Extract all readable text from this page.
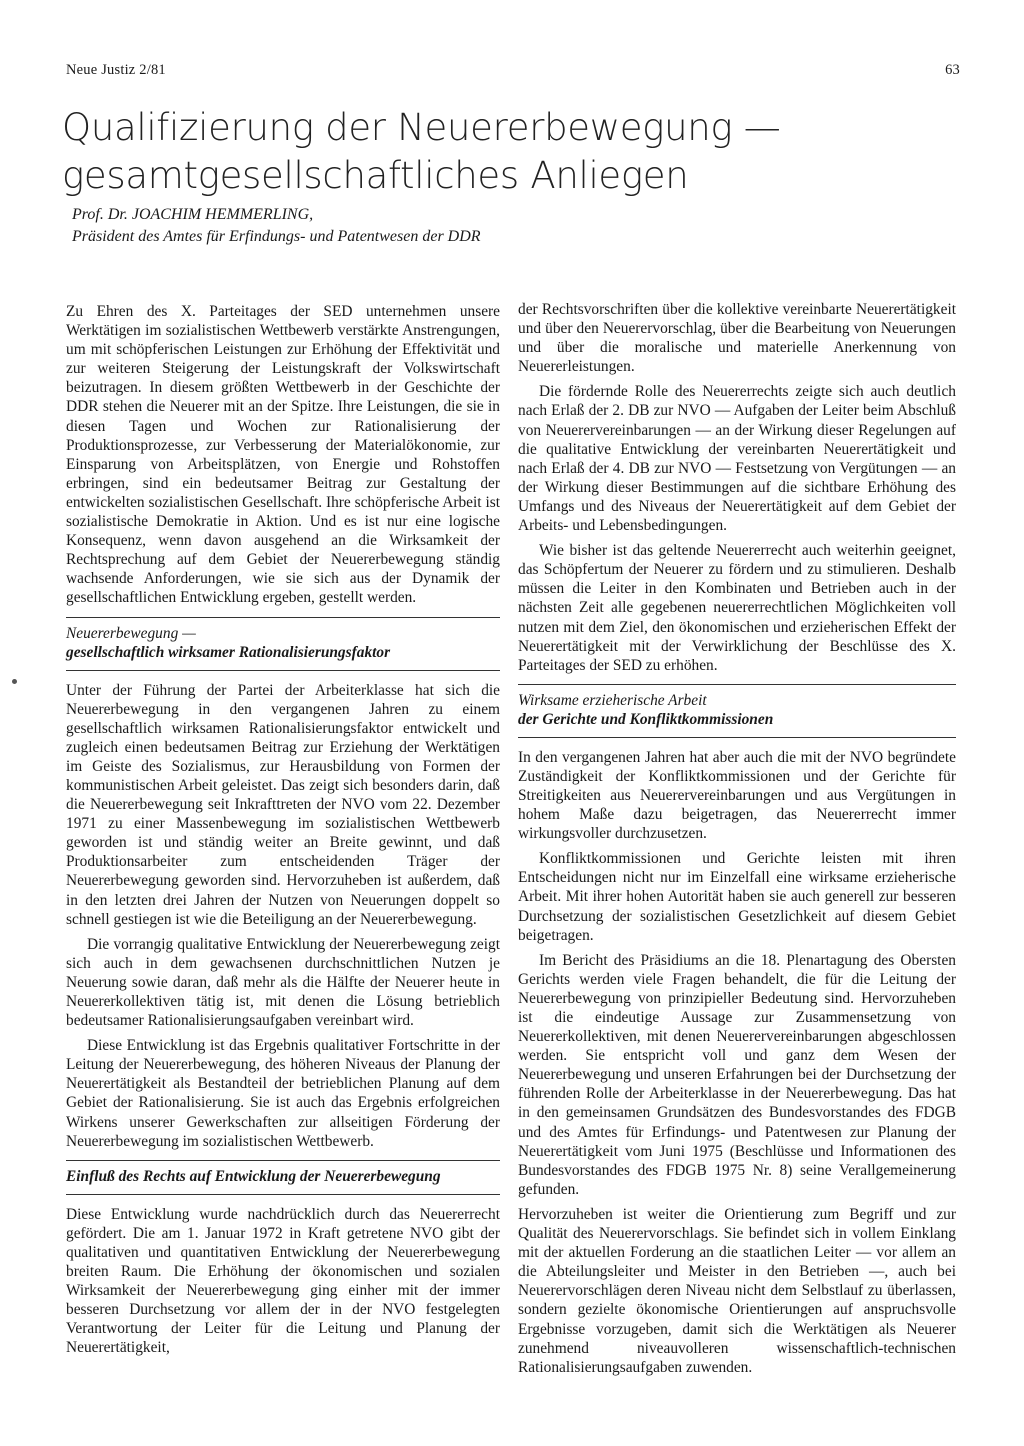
Neue Justiz 2/81	63
Qualifizierung der Neuererbewegung —
gesamtgesellschaftliches Anliegen
Prof. Dr. JOACHIM HEMMERLING,
Präsident des Amtes für Erfindungs- und Patentwesen der DDR

Zu Ehren des X. Parteitages der SED unternehmen unsere Werktätigen im sozialistischen Wettbewerb verstärkte Anstrengungen, um mit schöpferischen Leistungen zur Erhöhung der Effektivität und zur weiteren Steigerung der Leistungskraft der Volkswirtschaft beizutragen. In diesem größten Wettbewerb in der Geschichte der DDR stehen die Neuerer mit an der Spitze. Ihre Leistungen, die sie in diesen Tagen und Wochen zur Rationalisierung der Produktionsprozesse, zur Verbesserung der Materialökonomie, zur Einsparung von Arbeitsplätzen, von Energie und Rohstoffen erbringen, sind ein bedeutsamer Beitrag zur Gestaltung der entwickelten sozialistischen Gesellschaft. Ihre schöpferische Arbeit ist sozialistische Demokratie in Aktion. Und es ist nur eine logische Konsequenz, wenn davon ausgehend an die Wirksamkeit der Rechtsprechung auf dem Gebiet der Neuererbewegung ständig wachsende Anforderungen, wie sie sich aus der Dynamik der gesellschaftlichen Entwicklung ergeben, gestellt werden.

Neuererbewegung —
gesellschaftlich wirksamer Rationalisierungsfaktor

Unter der Führung der Partei der Arbeiterklasse hat sich die Neuererbewegung in den vergangenen Jahren zu einem gesellschaftlich wirksamen Rationalisierungsfaktor entwickelt und zugleich einen bedeutsamen Beitrag zur Erziehung der Werktätigen im Geiste des Sozialismus, zur Herausbildung von Formen der kommunistischen Arbeit geleistet. Das zeigt sich besonders darin, daß die Neuererbewegung seit Inkrafttreten der NVO vom 22. Dezember 1971 zu einer Massenbewegung im sozialistischen Wettbewerb geworden ist und ständig weiter an Breite gewinnt, und daß Produktionsarbeiter zum entscheidenden Träger der Neuererbewegung geworden sind. Hervorzuheben ist außerdem, daß in den letzten drei Jahren der Nutzen von Neuerungen doppelt so schnell gestiegen ist wie die Beteiligung an der Neuererbewegung.

Die vorrangig qualitative Entwicklung der Neuererbewegung zeigt sich auch in dem gewachsenen durchschnittlichen Nutzen je Neuerung sowie daran, daß mehr als die Hälfte der Neuerer heute in Neuererkollektiven tätig ist, mit denen die Lösung betrieblich bedeutsamer Rationalisierungsaufgaben vereinbart wird.

Diese Entwicklung ist das Ergebnis qualitativer Fortschritte in der Leitung der Neuererbewegung, des höheren Niveaus der Planung der Neuerertätigkeit als Bestandteil der betrieblichen Planung auf dem Gebiet der Rationalisierung. Sie ist auch das Ergebnis erfolgreichen Wirkens unserer Gewerkschaften zur allseitigen Förderung der Neuererbewegung im sozialistischen Wettbewerb.

Einfluß des Rechts auf Entwicklung der Neuererbewegung

Diese Entwicklung wurde nachdrücklich durch das Neuererrecht gefördert. Die am 1. Januar 1972 in Kraft getretene NVO gibt der qualitativen und quantitativen Entwicklung der Neuererbewegung breiten Raum. Die Erhöhung der ökonomischen und sozialen Wirksamkeit der Neuererbewegung ging einher mit der immer besseren Durchsetzung vor allem der in der NVO festgelegten Verantwortung der Leiter für die Leitung und Planung der Neuerertätigkeit,

der Rechtsvorschriften über die kollektive vereinbarte Neuerertätigkeit und über den Neuerervorschlag, über die Bearbeitung von Neuerungen und über die moralische und materielle Anerkennung von Neuererleistungen.

Die fördernde Rolle des Neuererrechts zeigte sich auch deutlich nach Erlaß der 2. DB zur NVO — Aufgaben der Leiter beim Abschluß von Neuerervereinbarungen — an der Wirkung dieser Regelungen auf die qualitative Entwicklung der vereinbarten Neuerertätigkeit und nach Erlaß der 4. DB zur NVO — Festsetzung von Vergütungen — an der Wirkung dieser Bestimmungen auf die sichtbare Erhöhung des Umfangs und des Niveaus der Neuerertätigkeit auf dem Gebiet der Arbeits- und Lebensbedingungen.

Wie bisher ist das geltende Neuererrecht auch weiterhin geeignet, das Schöpfertum der Neuerer zu fördern und zu stimulieren. Deshalb müssen die Leiter in den Kombinaten und Betrieben auch in der nächsten Zeit alle gegebenen neuererrechtlichen Möglichkeiten voll nutzen mit dem Ziel, den ökonomischen und erzieherischen Effekt der Neuerertätigkeit mit der Verwirklichung der Beschlüsse des X. Parteitages der SED zu erhöhen.

Wirksame erzieherische Arbeit
der Gerichte und Konfliktkommissionen

In den vergangenen Jahren hat aber auch die mit der NVO begründete Zuständigkeit der Konfliktkommissionen und der Gerichte für Streitigkeiten aus Neuerervereinbarungen und aus Vergütungen in hohem Maße dazu beigetragen, das Neuererrecht immer wirkungsvoller durchzusetzen.

Konfliktkommissionen und Gerichte leisten mit ihren Entscheidungen nicht nur im Einzelfall eine wirksame erzieherische Arbeit. Mit ihrer hohen Autorität haben sie auch generell zur besseren Durchsetzung der sozialistischen Gesetzlichkeit auf diesem Gebiet beigetragen.

Im Bericht des Präsidiums an die 18. Plenartagung des Obersten Gerichts werden viele Fragen behandelt, die für die Leitung der Neuererbewegung von prinzipieller Bedeutung sind. Hervorzuheben ist die eindeutige Aussage zur Zusammensetzung von Neuererkollektiven, mit denen Neuerervereinbarungen abgeschlossen werden. Sie entspricht voll und ganz dem Wesen der Neuererbewegung und unseren Erfahrungen bei der Durchsetzung der führenden Rolle der Arbeiterklasse in der Neuererbewegung. Das hat in den gemeinsamen Grundsätzen des Bundesvorstandes des FDGB und des Amtes für Erfindungs- und Patentwesen zur Planung der Neuerertätigkeit vom Juni 1975 (Beschlüsse und Informationen des Bundesvorstandes des FDGB 1975 Nr. 8) seine Verallgemeinerung gefunden.

Hervorzuheben ist weiter die Orientierung zum Begriff und zur Qualität des Neuerervorschlags. Sie befindet sich in vollem Einklang mit der aktuellen Forderung an die staatlichen Leiter — vor allem an die Abteilungsleiter und Meister in den Betrieben —, auch bei Neuerervorschlägen deren Niveau nicht dem Selbstlauf zu überlassen, sondern gezielte ökonomische Orientierungen auf anspruchsvolle Ergebnisse vorzugeben, damit sich die Werktätigen als Neuerer zunehmend niveauvolleren wissenschaftlich-technischen Rationalisierungsaufgaben zuwenden.
